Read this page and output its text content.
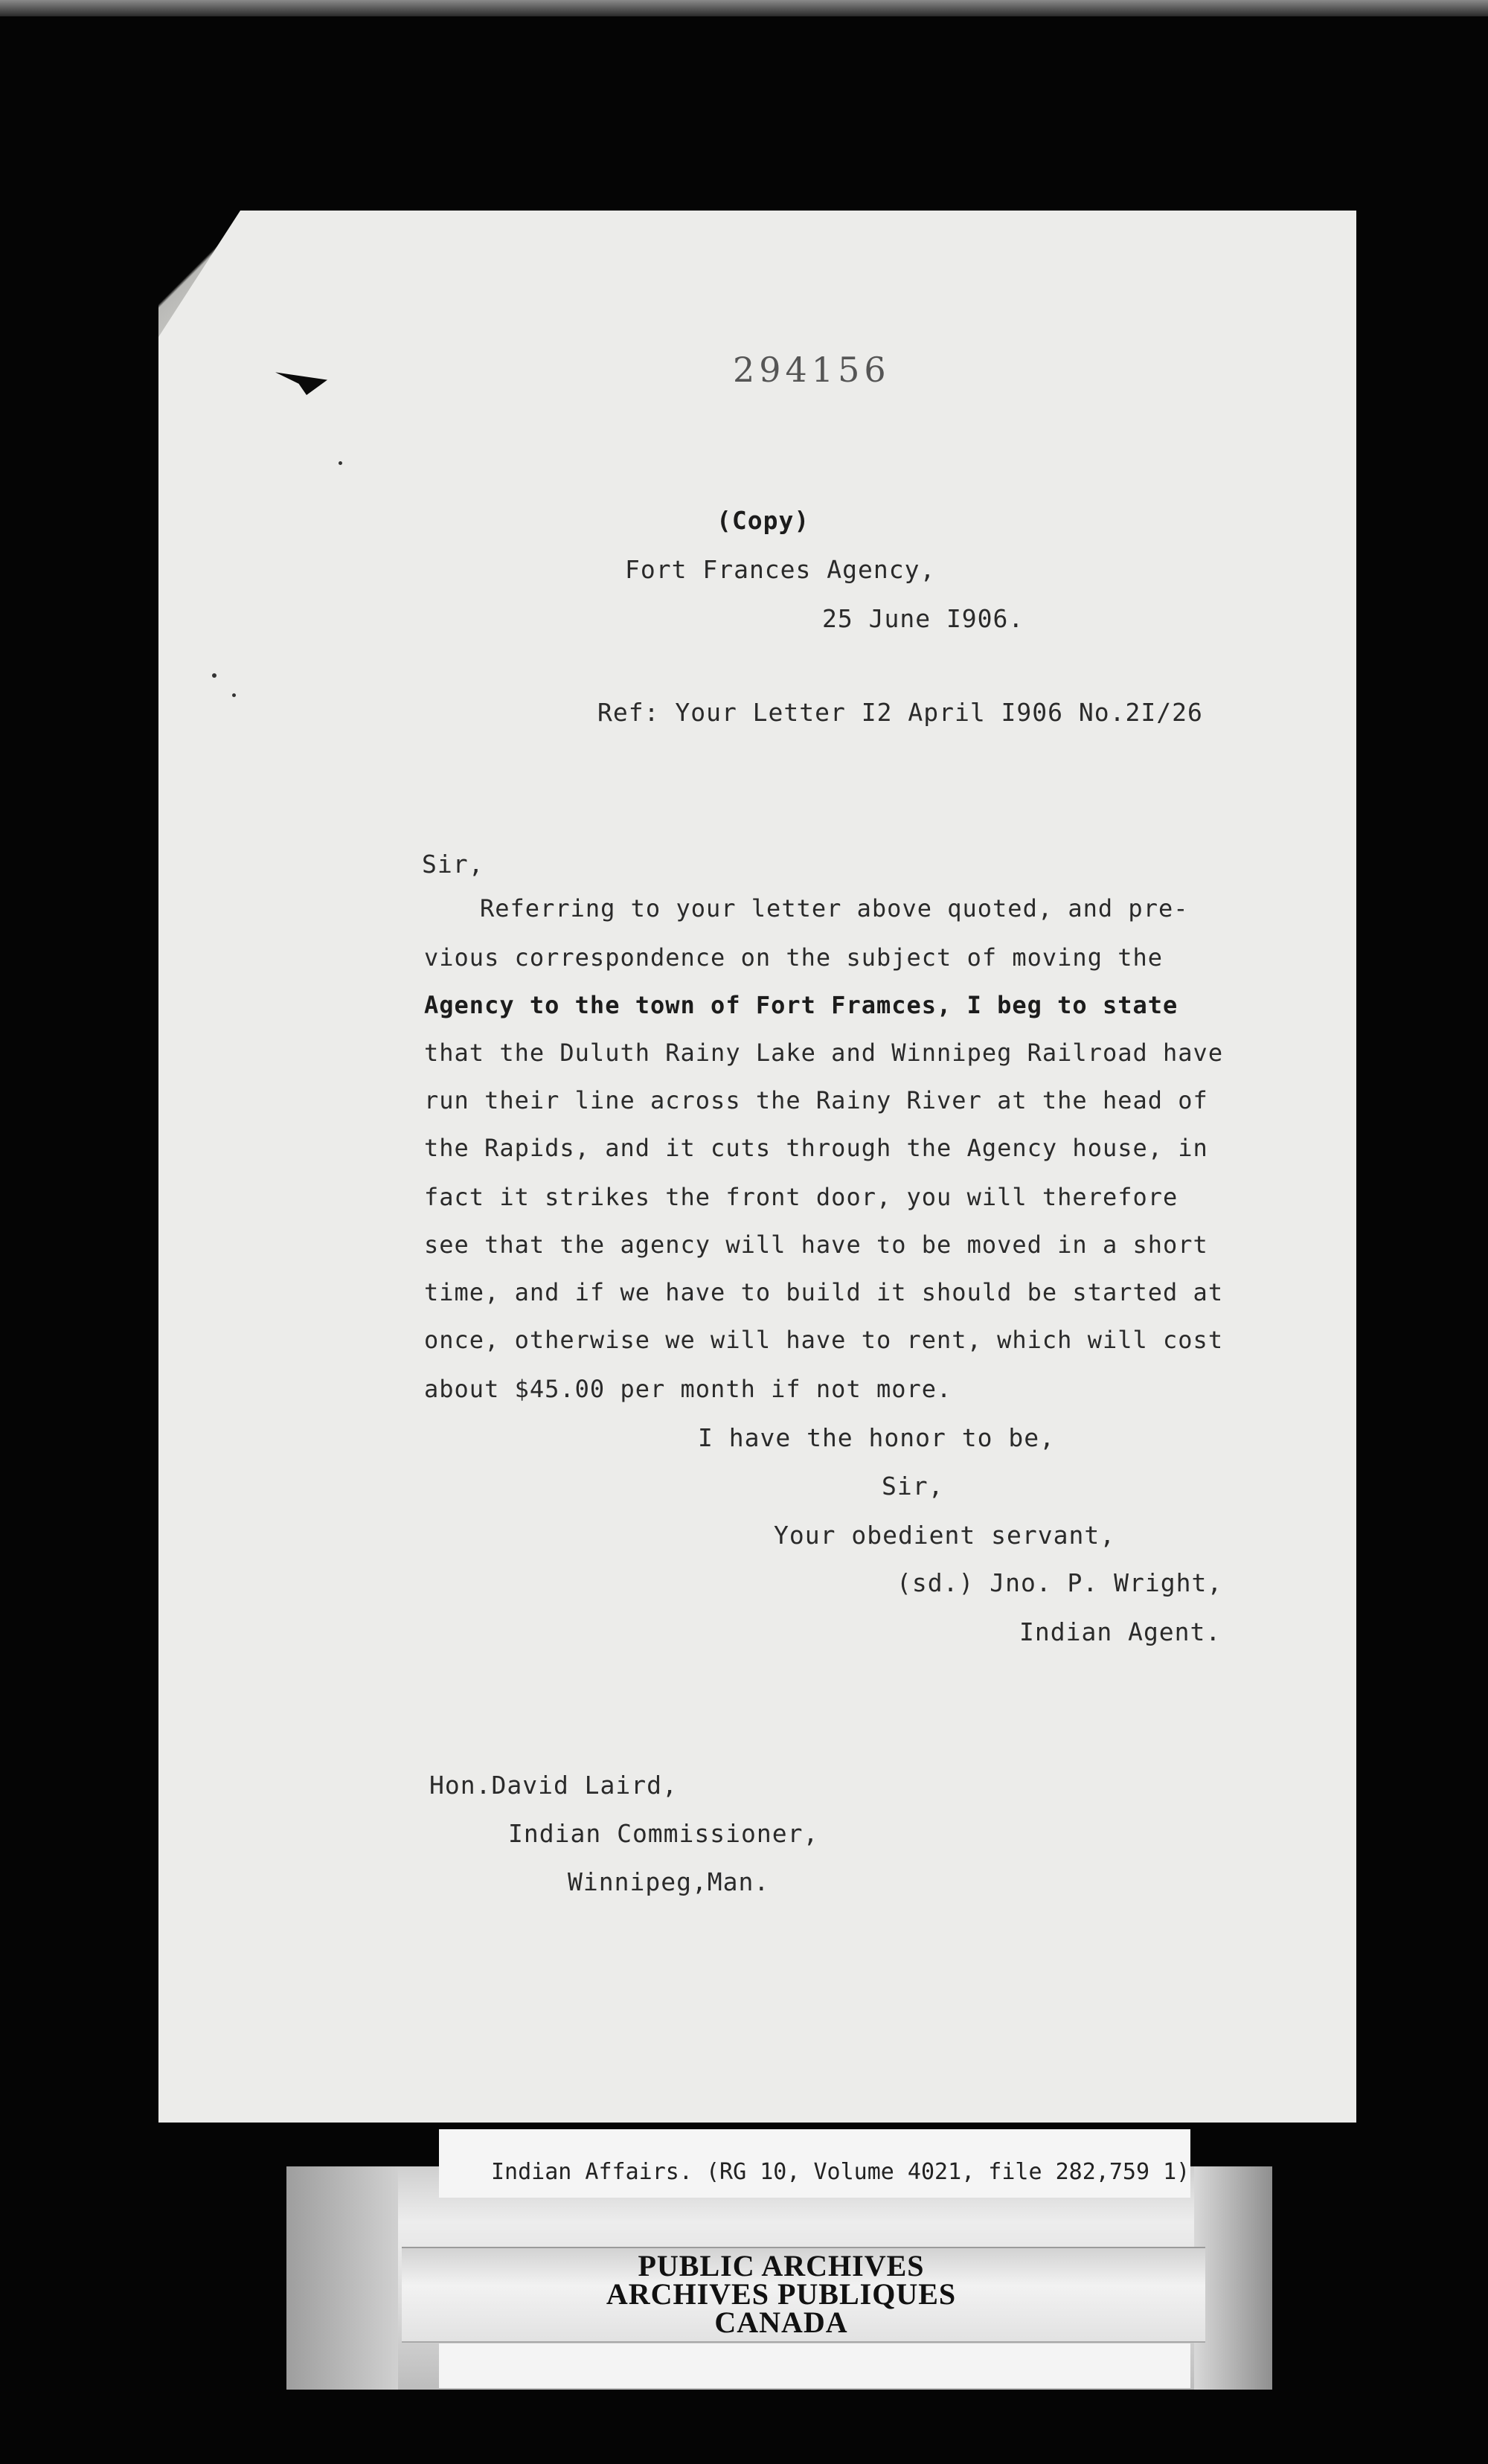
294156
(Copy)
Fort Frances Agency,
25 June I906.
Ref: Your Letter I2 April I906 No.2I/26
Sir,
Referring to your letter above quoted, and pre-
vious correspondence on the subject of moving the
Agency to the town of Fort Framces, I beg to state
that the Duluth Rainy Lake and Winnipeg Railroad have
run their line across the Rainy River at the head of
the Rapids, and it cuts through the Agency house, in
fact it strikes the front door, you will therefore
see that the agency will have to be moved in a short
time, and if we have to build it should be started at
once, otherwise we will have to rent, which will cost
about $45.00 per month if not more.
I have the honor to be,
Sir,
Your obedient servant,
(sd.) Jno. P. Wright,
Indian Agent.
Hon.David Laird,
Indian Commissioner,
Winnipeg,Man.
Indian Affairs. (RG 10, Volume 4021, file 282,759 1)
PUBLIC ARCHIVES
ARCHIVES PUBLIQUES
CANADA
